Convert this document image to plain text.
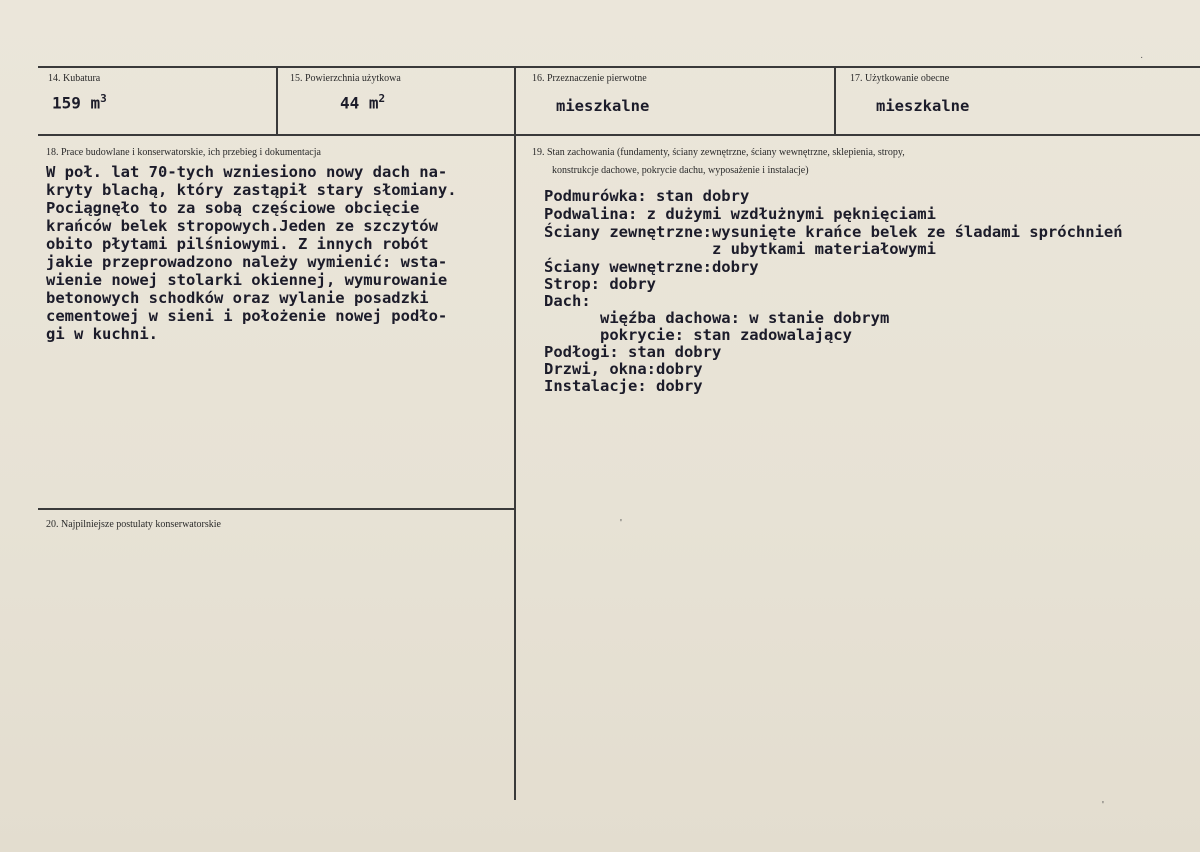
14. Kubatura
159 $m^3$
15. Powierzchnia użytkowa
44 $m^2$
16. Przeznaczenie pierwotne
mieszkalne
17. Użytkowanie obecne
mieszkalne
18. Prace budowlane i konserwatorskie, ich przebieg i dokumentacja
W poł. lat 70-tych wzniesiono nowy dach na-
kryty blachą, który zastąpił stary słomiany.
Pociągnęło to za sobą częściowe obcięcie
krańców belek stropowych.Jeden ze szczytów
obito płytami pilśniowymi. Z innych robót
jakie przeprowadzono należy wymienić: wsta-
wienie nowej stolarki okiennej, wymurowanie
betonowych schodków oraz wylanie posadzki
cementowej w sieni i położenie nowej podło-
gi w kuchni.
19. Stan zachowania (fundamenty, ściany zewnętrzne, ściany wewnętrzne, sklepienia, stropy,
konstrukcje dachowe, pokrycie dachu, wyposażenie i instalacje)
Podmurówka: stan dobry
Podwalina: z dużymi wzdłużnymi pęknięciami
Ściany zewnętrzne:wysunięte krańce belek ze śladami spróchnień
z ubytkami materiałowymi
Ściany wewnętrzne:dobry
Strop: dobry
Dach:
więźba dachowa: w stanie dobrym
pokrycie: stan zadowalający
Podłogi: stan dobry
Drzwi, okna:dobry
Instalacje: dobry
20. Najpilniejsze postulaty konserwatorskie
·
'
'
